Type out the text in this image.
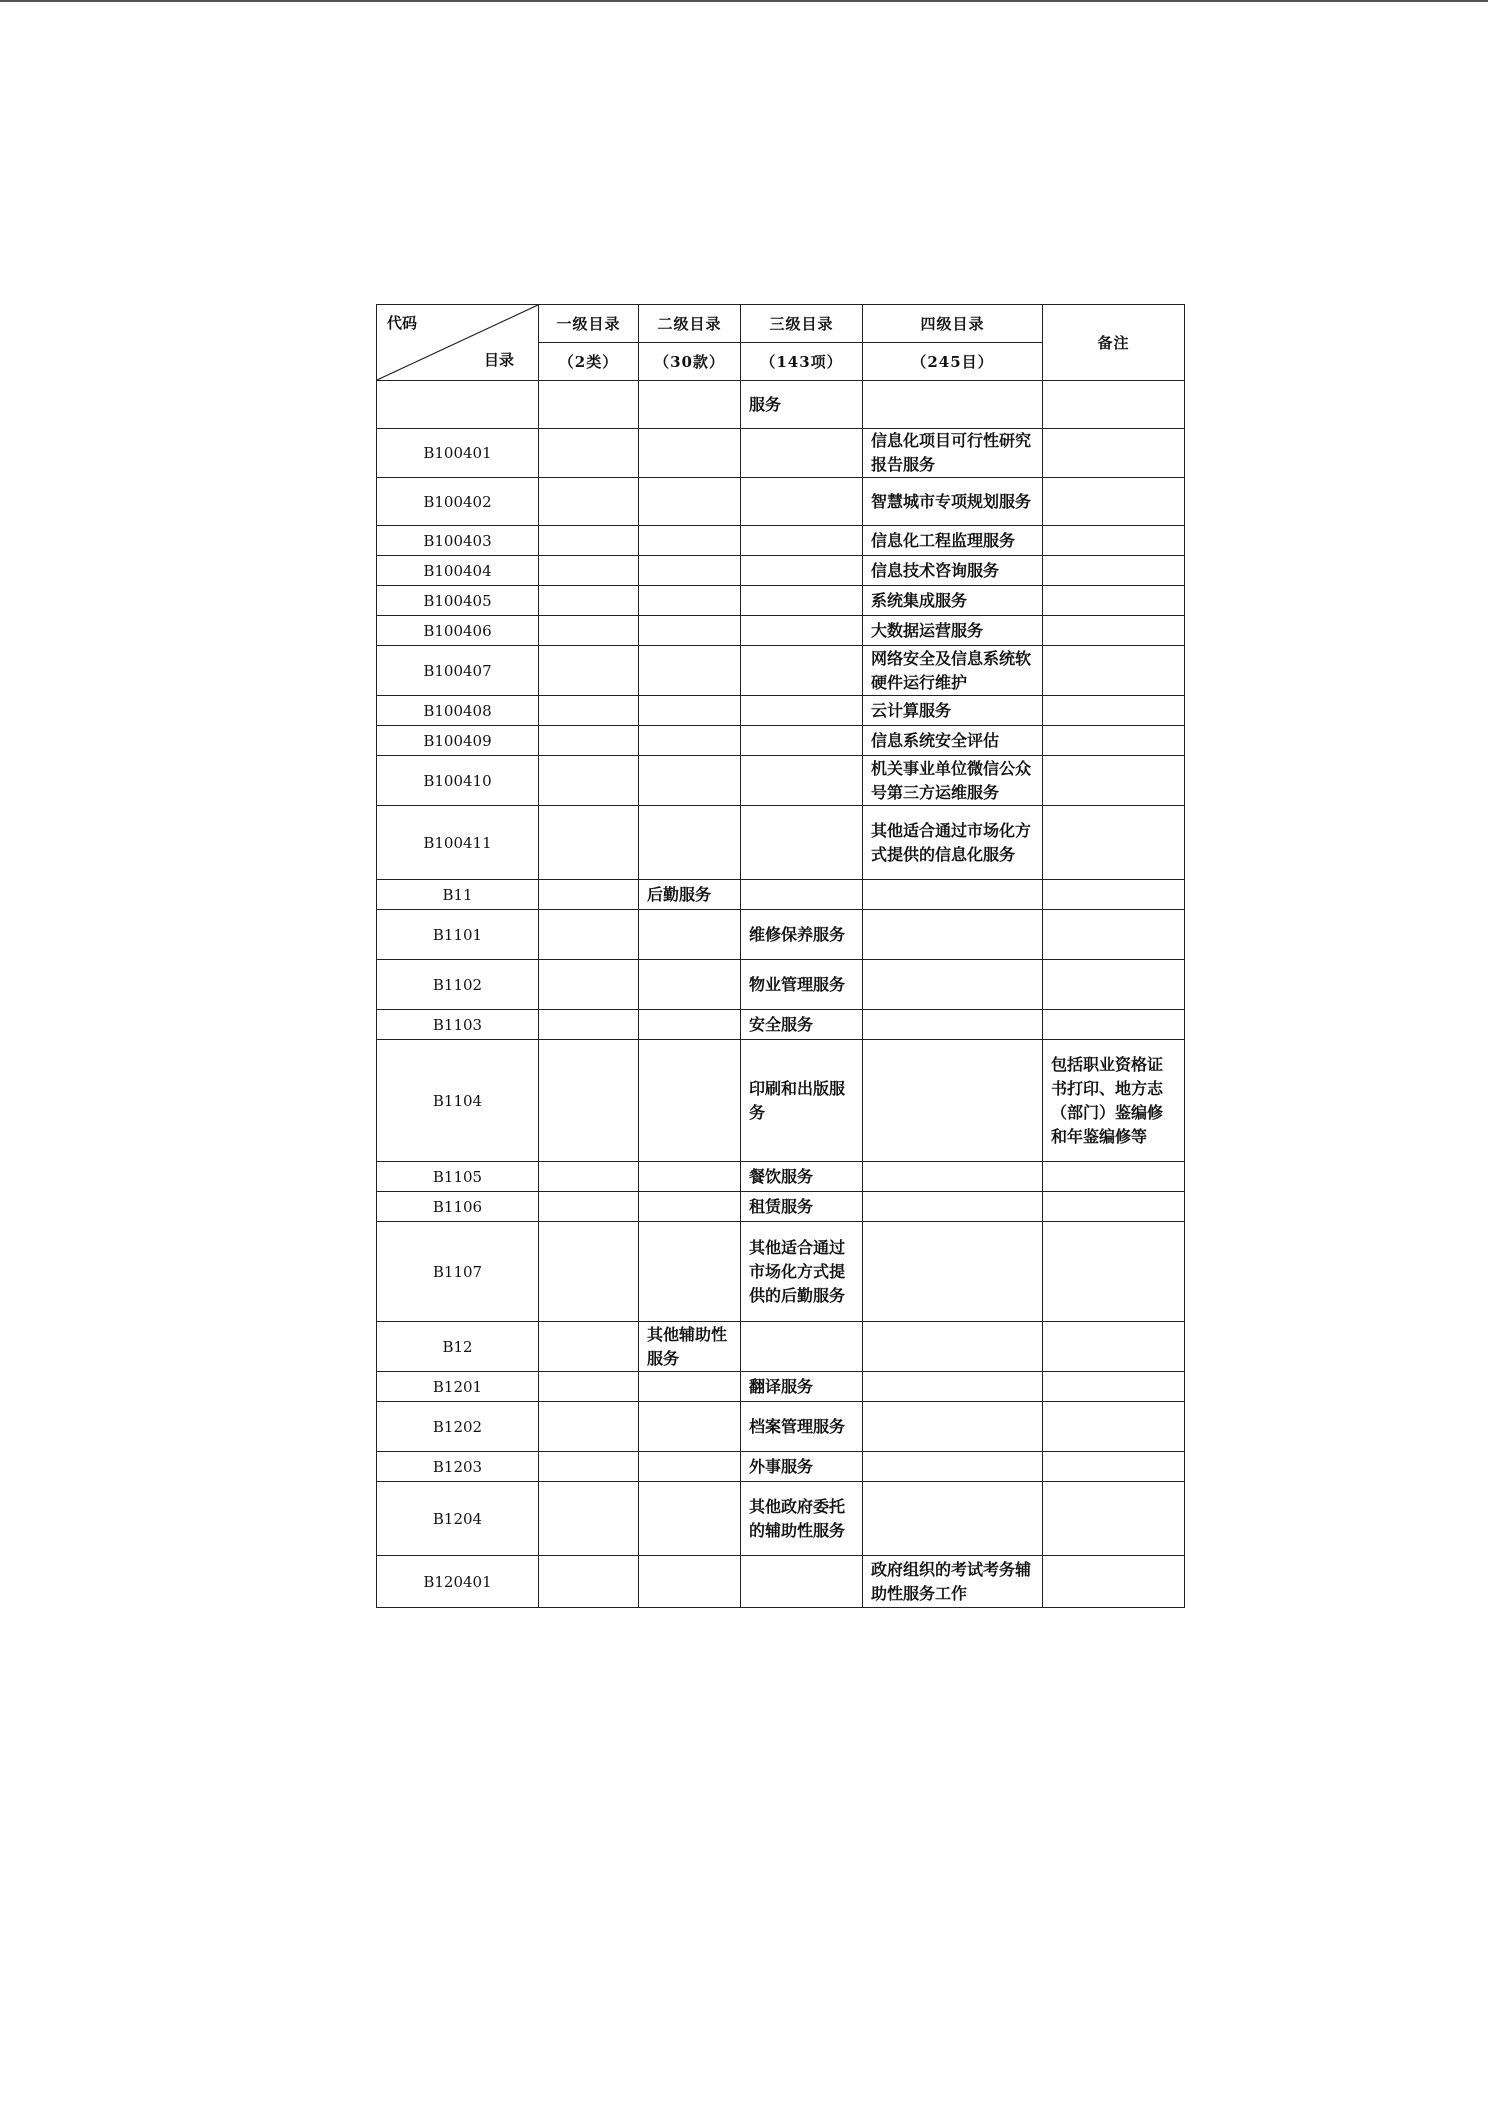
代码
目录	一级目录	二级目录	三级目录	四级目录	备注
	（2类）	（30款）	（143项）	（245目）	
			服务		
B100401				信息化项目可行性研究报告服务	
B100402				智慧城市专项规划服务	
B100403				信息化工程监理服务	
B100404				信息技术咨询服务	
B100405				系统集成服务	
B100406				大数据运营服务	
B100407				网络安全及信息系统软硬件运行维护	
B100408				云计算服务	
B100409				信息系统安全评估	
B100410				机关事业单位微信公众号第三方运维服务	
B100411				其他适合通过市场化方式提供的信息化服务	
B11		后勤服务			
B1101			维修保养服务		
B1102			物业管理服务		
B1103			安全服务		
B1104			印刷和出版服务		包括职业资格证书打印、地方志（部门）鉴编修和年鉴编修等
B1105			餐饮服务		
B1106			租赁服务		
B1107			其他适合通过市场化方式提供的后勤服务		
B12		其他辅助性服务			
B1201			翻译服务		
B1202			档案管理服务		
B1203			外事服务		
B1204			其他政府委托的辅助性服务		
B120401				政府组织的考试考务辅助性服务工作	
